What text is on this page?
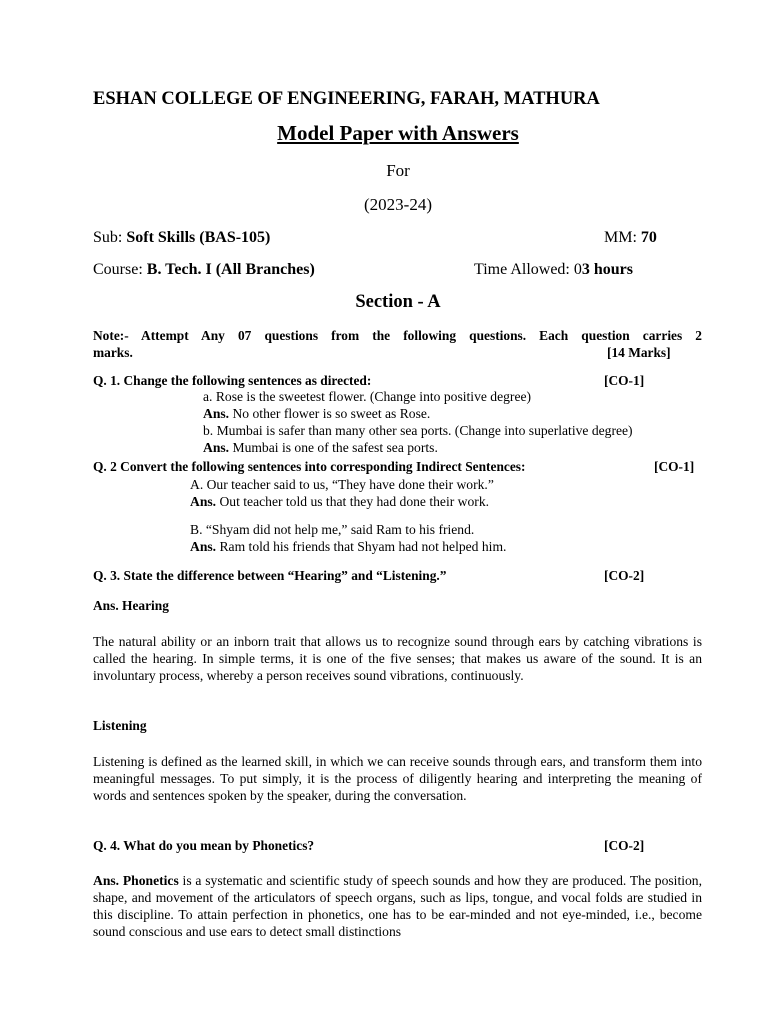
ESHAN COLLEGE OF ENGINEERING, FARAH, MATHURA
Model Paper with Answers
For
(2023-24)
Sub: Soft Skills (BAS-105)	MM: 70
Course: B. Tech. I (All Branches)	Time Allowed: 03 hours
Section - A
Note:- Attempt Any 07 questions from the following questions. Each question carries 2
marks.	[14 Marks]
Q. 1. Change the following sentences as directed:	[CO-1]
a. Rose is the sweetest flower. (Change into positive degree)
Ans. No other flower is so sweet as Rose.
b. Mumbai is safer than many other sea ports. (Change into superlative degree)
Ans. Mumbai is one of the safest sea ports.
Q. 2 Convert the following sentences into corresponding Indirect Sentences:	[CO-1]
A. Our teacher said to us, “They have done their work.”
Ans. Out teacher told us that they had done their work.
B. “Shyam did not help me,” said Ram to his friend.
Ans. Ram told his friends that Shyam had not helped him.
Q. 3. State the difference between “Hearing” and “Listening.”	[CO-2]
Ans. Hearing
The natural ability or an inborn trait that allows us to recognize sound through ears by catching vibrations is called the hearing. In simple terms, it is one of the five senses; that makes us aware of the sound. It is an involuntary process, whereby a person receives sound vibrations, continuously.
Listening
Listening is defined as the learned skill, in which we can receive sounds through ears, and transform them into meaningful messages. To put simply, it is the process of diligently hearing and interpreting the meaning of words and sentences spoken by the speaker, during the conversation.
Q. 4. What do you mean by Phonetics?	[CO-2]
Ans. Phonetics is a systematic and scientific study of speech sounds and how they are produced. The position, shape, and movement of the articulators of speech organs, such as lips, tongue, and vocal folds are studied in this discipline. To attain perfection in phonetics, one has to be ear-minded and not eye-minded, i.e., become sound conscious and use ears to detect small distinctions
